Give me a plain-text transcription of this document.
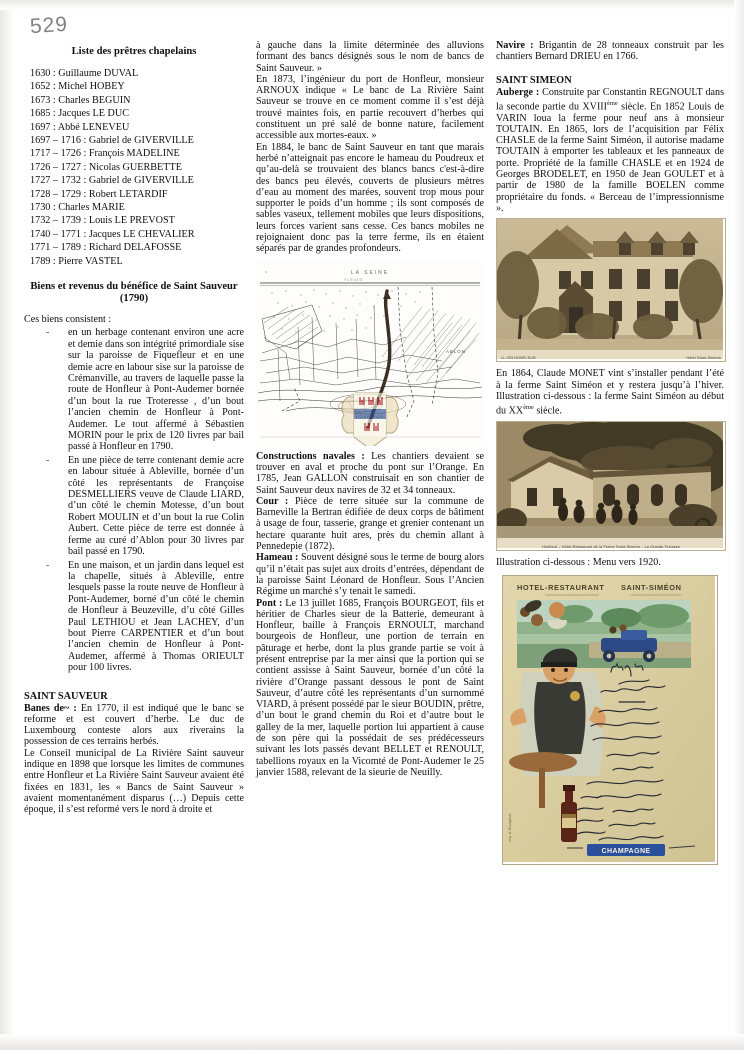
529
Liste des prêtres chapelains
1630 : Guillaume DUVAL
1652 : Michel HOBEY
1673 : Charles BEGUIN
1685 : Jacques LE DUC
1697 : Abbé LENEVEU
1697 – 1716 : Gabriel de GIVERVILLE
1717 – 1726 : François MADELINE
1726 – 1727 : Nicolas GUERBETTE
1727 – 1732 : Gabriel de GIVERVILLE
1728 – 1729 : Robert LETARDIF
1730 : Charles MARIE
1732 – 1739 : Louis LE PREVOST
1740 – 1771 : Jacques LE CHEVALIER
1771 – 1789 : Richard DELAFOSSE
1789 : Pierre VASTEL
Biens et revenus du bénéfice de Saint Sauveur (1790)

Ces biens consistent :

- en un herbage contenant environ une acre et demie dans son intégrité primordiale sise sur la paroisse de Fiquefleur et en une demie acre en labour sise sur la paroisse de Crémanville, au travers de laquelle passe la route de Honfleur à Pont-Audemer bornée d’un bout la rue Troteresse , d’un bout l’ancien chemin de Honfleur à Pont-Audemer. Le tout affermé à Sébastien MORIN pour le prix de 120 livres par bail passé à Honfleur en 1790.
- En une pièce de terre contenant demie acre en labour située à Ableville, bornée d’un côté les représentants de Françoise DESMELLIERS veuve de Claude LIARD, d’un côté le chemin Motesse, d’un bout Robert MOULIN et d’un bout la rue Colin Aubert. Cette pièce de terre est donnée à ferme au curé d’Ablon pour 30 livres par bail passé en 1790.
- En une maison, et un jardin dans lequel est la chapelle, situés à Ableville, entre lesquels passe la route neuve de Honfleur à Pont-Audemer, borné d’un côté le chemin de Honfleur à Beuzeville, d’u côté Gilles Paul LETHIOU et Jean LACHEY, d’un bout Pierre CARPENTIER et d’un bout l’ancien chemin de Honfleur à Pont-Audemer, affermé à Thomas ORIEULT pour 100 livres.
SAINT SAUVEUR

Banes de~ : En 1770, il est indiqué que le banc se reforme et est couvert d’herbe. Le duc de Luxembourg conteste alors aux riverains la possession de ces terrains herbés.

Le Conseil municipal de La Rivière Saint sauveur indique en 1898 que lorsque les limites de communes entre Honfleur et La Rivière Saint Sauveur avaient été fixées en 1831, les « Bancs de Saint Sauveur » avaient momentanément disparus (…) Depuis cette époque, il s’est reformé vers le nord à droite et

à gauche dans la limite déterminée des alluvions formant des bancs désignés sous le nom de bancs de Saint Sauveur. »

En 1873, l’ingénieur du port de Honfleur, monsieur ARNOUX indique « Le banc de La Rivière Saint Sauveur se trouve en ce moment comme il s’est déjà trouvé maintes fois, en partie recouvert d’herbes qui constituent un pré salé de bonne nature, facilement accessible aux mortes-eaux. »

En 1884, le banc de Saint Sauveur en tant que marais herbé n’atteignait pas encore le hameau du Poudreux et qu’au-delà se trouvaient des blancs bancs c'est-à-dire des bancs peu élevés, couverts de plusieurs mètres d’eau au moment des marées, souvent trop mous pour supporter le poids d’un homme ; ils sont composés de sables vaseux, tellement mobiles que leurs dispositions, leurs forces varient sans cesse. Ces bancs mobiles ne rejoignaient donc pas la terre ferme, ils en étaient séparés par de grandes profondeurs.

LA SEINE
FLEUVE
N
ABLON

Constructions navales : Les chantiers devaient se trouver en aval et proche du pont sur l’Orange. En 1785, Jean GALLON construisait en son chantier de Saint Sauveur deux navires de 32 et 34 tonneaux.

Cour : Pièce de terre située sur la commune de Barneville la Bertran édifiée de deux corps de bâtiment à usage de four, tasserie, grange et grenier contenant un hectare quarante huit ares, près du chemin allant à Pennedepie (1872).

Hameau : Souvent désigné sous le terme de bourg alors qu’il n’était pas sujet aux droits d’entrées, dépendant de la paroisse Saint Léonard de Honfleur. Sous l’Ancien Régime un marché s’y tenait le samedi.

Pont : Le 13 juillet 1685, François BOURGEOT, fils et héritier de Charles sieur de la Batterie, demeurant à Honfleur, baille à François ERNOULT, marchand bourgeois de Honfleur, une portion de terrain en pâturage et herbe, dont la plus grande partie se voit à présent entreprise par la mer ainsi que la portion qui se contient assisse à Saint Sauveur, bornée d’un côté la rivière d’Orange passant dessous le pont de Saint Sauveur, d’autre côté les représentants d’un surnommé VIARD, à présent possédé par le sieur BOUDIN, prêtre, d’un bout le grand chemin du Roi et d’autre bout le galley de la mer, laquelle portion lui appartient à cause de son père qui la possédait de ses prédécesseurs suivant les lots passés devant BELLET et RENOULT, tabellions royaux en la Vicomté de Pont-Audemer le 25 janvier 1588, relevant de la sieurie de Neuilly.

Navire : Brigantin de 28 tonneaux construit par les chantiers Bernard DRIEU en 1766.

SAINT SIMEON

Auberge : Construite par Constantin REGNOULT dans la seconde partie du XVIIIème siècle. En 1852 Louis de VARIN loua la ferme pour neuf ans à monsieur TOUTAIN. En 1865, lors de l’acquisition par Félix CHASLE de la ferme Saint Siméon, il autorise madame TOUTAIN à emporter les tableaux et les panneaux de porte. Propriété de la famille CHASLE et en 1924 de Georges BRODELET, en 1950 de Jean GOULET et à partir de 1980 de la famille BOELEN comme propriétaire du fonds. « Berceau de l’impressionnisme ».

LL.203 HONFLEUR	Hôtel Saint-Siméon

En 1864, Claude MONET vint s’installer pendant l’été à la ferme Saint Siméon et y restera jusqu’à l’hiver. Illustration ci-dessous : la ferme Saint Siméon au début du XXème siècle.

Honfleur – Hôtel-Restaurant de la Ferme Saint-Siméon – La Grande Terrasse

Illustration ci-dessous : Menu vers 1920.

HOTEL-RESTAURANT SAINT-SIMÉON
CHAMPAGNE
Imp. A. Bourgeois
